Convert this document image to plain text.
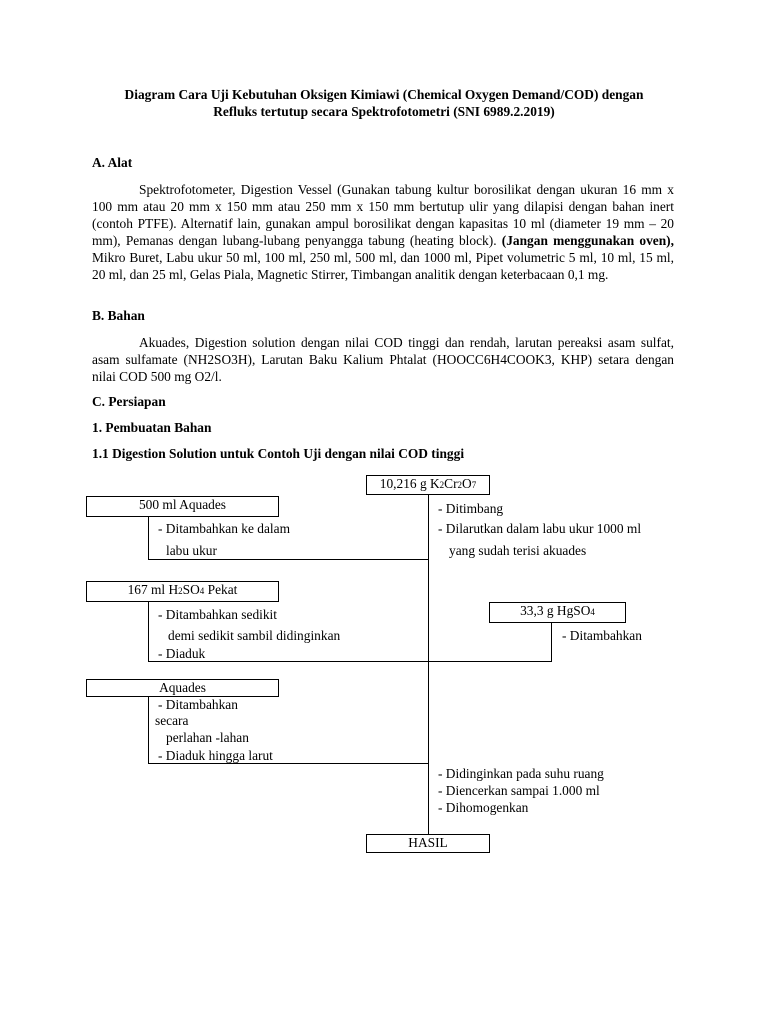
Diagram Cara Uji Kebutuhan Oksigen Kimiawi (Chemical Oxygen Demand/COD) dengan
Refluks tertutup secara Spektrofotometri (SNI 6989.2.2019)
A. Alat
Spektrofotometer, Digestion Vessel (Gunakan tabung kultur borosilikat dengan ukuran 16 mm x 100 mm atau 20 mm x 150 mm atau 250 mm x 150 mm bertutup ulir yang dilapisi dengan bahan inert (contoh PTFE). Alternatif lain, gunakan ampul borosilikat dengan kapasitas 10 ml (diameter 19 mm – 20 mm), Pemanas dengan lubang-lubang penyangga tabung (heating block). (Jangan menggunakan oven), Mikro Buret, Labu ukur 50 ml, 100 ml, 250 ml, 500 ml, dan 1000 ml, Pipet volumetric 5 ml, 10 ml, 15 ml, 20 ml, dan 25 ml, Gelas Piala, Magnetic Stirrer, Timbangan analitik dengan keterbacaan 0,1 mg.
B. Bahan
Akuades, Digestion solution dengan nilai COD tinggi dan rendah, larutan pereaksi asam sulfat, asam sulfamate (NH2SO3H), Larutan Baku Kalium Phtalat (HOOCC6H4COOK3, KHP) setara dengan nilai COD 500 mg O2/l.
C. Persiapan
1. Pembuatan Bahan
1.1 Digestion Solution untuk Contoh Uji dengan nilai COD tinggi
10,216 g K2Cr2O7
500 ml Aquades
167 ml H2SO4 Pekat
33,3 g HgSO4
Aquades
HASIL
- Ditimbang
- Dilarutkan dalam labu ukur 1000 ml
yang sudah terisi akuades
- Ditambahkan ke dalam
labu ukur
- Ditambahkan sedikit
demi sedikit sambil didinginkan
- Diaduk
- Ditambahkan
- Ditambahkan
secara
perlahan -lahan
- Diaduk hingga larut
- Didinginkan pada suhu ruang
- Diencerkan sampai 1.000 ml
- Dihomogenkan
